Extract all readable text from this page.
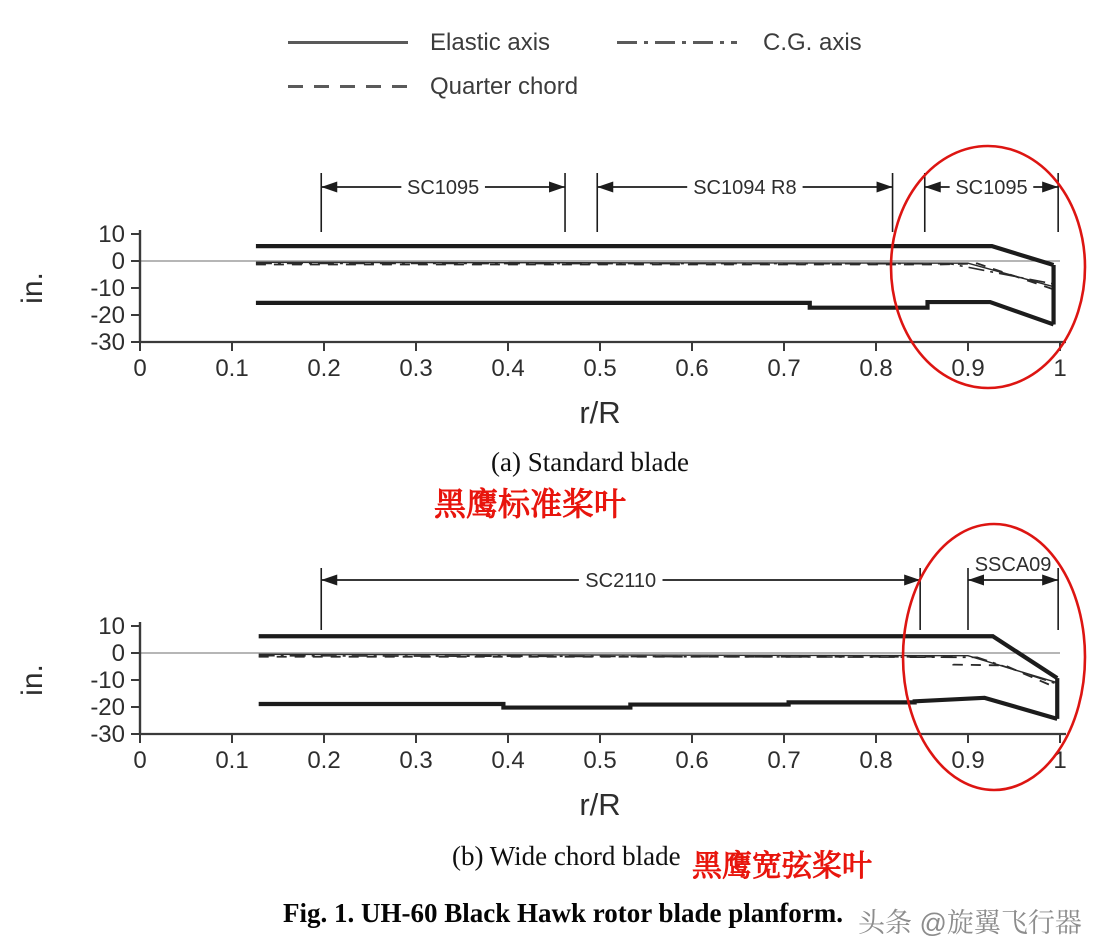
0	0.1 0.2 0.3 0.4 0.5 0.6 0.7 0.8 0.9	1
10
0
-10
-20
-30
r/R
in.
SC1095	SC1094 R8	SC1095
0	0.1 0.2 0.3 0.4 0.5 0.6 0.7 0.8 0.9	1
10
0
-10
-20
-30
r/R
in.
SC2110
SSCA09
Elastic axis	C.G. axis
Quarter chord
(a) Standard blade
黑鹰标准桨叶
(b) Wide chord blade 黑鹰宽弦桨叶
Fig. 1. UH-60 Black Hawk rotor blade planform. 头条 @旋翼飞行器
